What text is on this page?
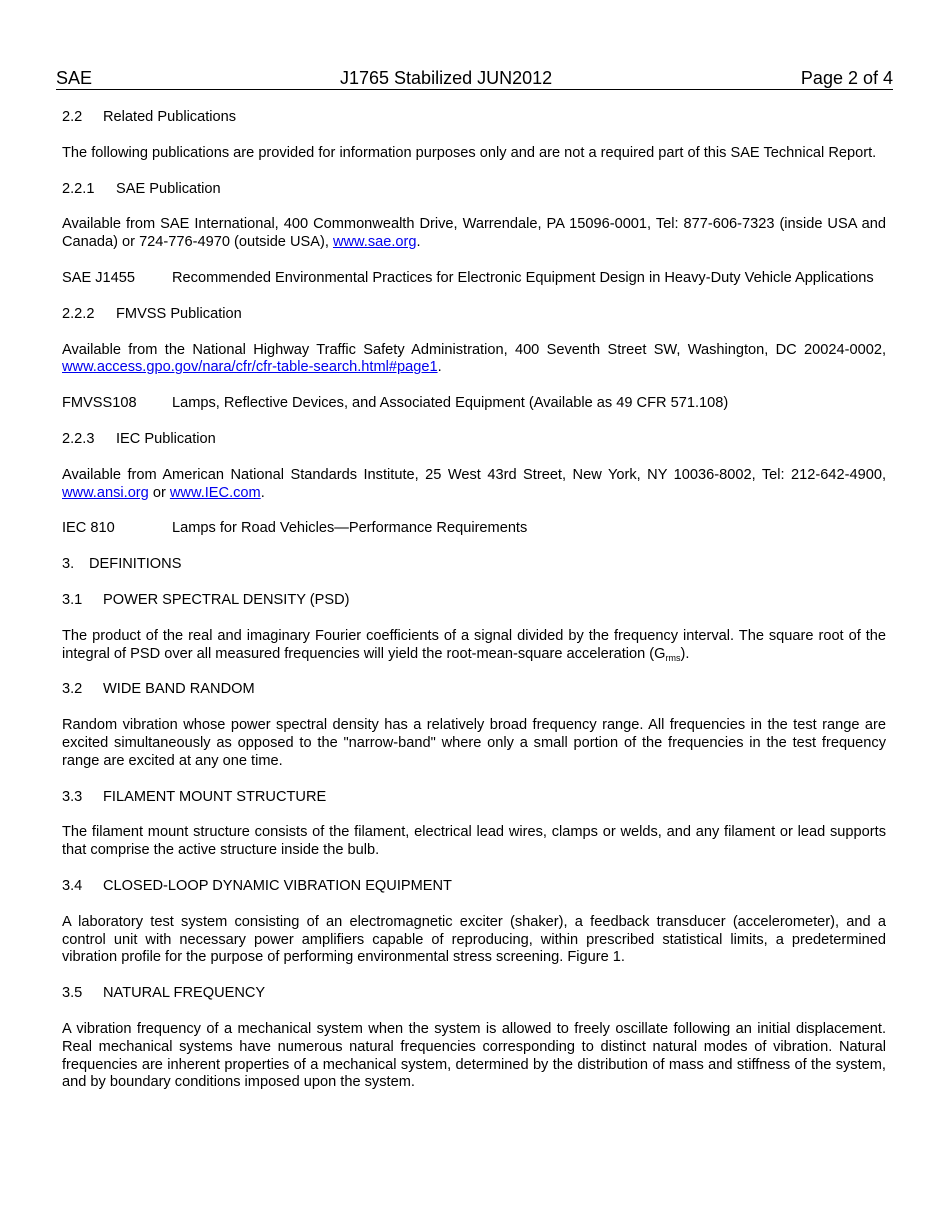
SAE	J1765 Stabilized JUN2012	Page 2 of 4

2.2	Related Publications

The following publications are provided for information purposes only and are not a required part of this SAE Technical Report.

2.2.1	SAE Publication

Available from SAE International, 400 Commonwealth Drive, Warrendale, PA 15096-0001, Tel: 877-606-7323 (inside USA and Canada) or 724-776-4970 (outside USA), www.sae.org.

SAE J1455	Recommended Environmental Practices for Electronic Equipment Design in Heavy-Duty Vehicle Applications

2.2.2	FMVSS Publication

Available from the National Highway Traffic Safety Administration, 400 Seventh Street SW, Washington, DC 20024-0002, www.access.gpo.gov/nara/cfr/cfr-table-search.html#page1.

FMVSS108	Lamps, Reflective Devices, and Associated Equipment (Available as 49 CFR 571.108)

2.2.3	IEC Publication

Available from American National Standards Institute, 25 West 43rd Street, New York, NY 10036-8002, Tel: 212-642-4900, www.ansi.org or www.IEC.com.

IEC 810	Lamps for Road Vehicles—Performance Requirements

3.	DEFINITIONS

3.1	POWER SPECTRAL DENSITY (PSD)

The product of the real and imaginary Fourier coefficients of a signal divided by the frequency interval. The square root of the integral of PSD over all measured frequencies will yield the root-mean-square acceleration $(G_{rms})$.

3.2	WIDE BAND RANDOM

Random vibration whose power spectral density has a relatively broad frequency range. All frequencies in the test range are excited simultaneously as opposed to the "narrow-band" where only a small portion of the frequencies in the test frequency range are excited at any one time.

3.3	FILAMENT MOUNT STRUCTURE

The filament mount structure consists of the filament, electrical lead wires, clamps or welds, and any filament or lead supports that comprise the active structure inside the bulb.

3.4	CLOSED-LOOP DYNAMIC VIBRATION EQUIPMENT

A laboratory test system consisting of an electromagnetic exciter (shaker), a feedback transducer (accelerometer), and a control unit with necessary power amplifiers capable of reproducing, within prescribed statistical limits, a predetermined vibration profile for the purpose of performing environmental stress screening. Figure 1.

3.5	NATURAL FREQUENCY

A vibration frequency of a mechanical system when the system is allowed to freely oscillate following an initial displacement. Real mechanical systems have numerous natural frequencies corresponding to distinct natural modes of vibration. Natural frequencies are inherent properties of a mechanical system, determined by the distribution of mass and stiffness of the system, and by boundary conditions imposed upon the system.
